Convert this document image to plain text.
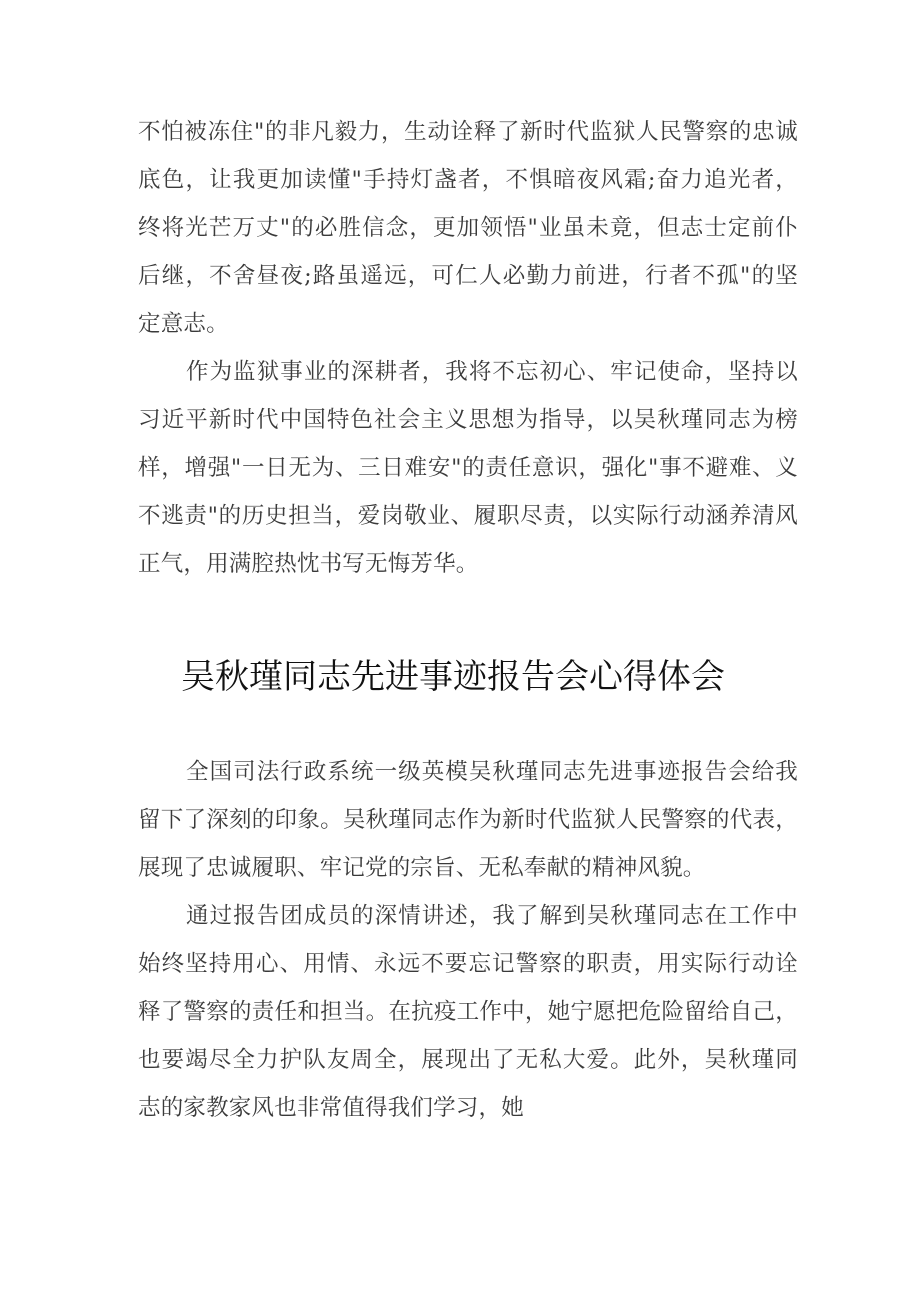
不怕被冻住"的非凡毅力，生动诠释了新时代监狱人民警察的忠诚
底色，让我更加读懂"手持灯盏者，不惧暗夜风霜;奋力追光者，
终将光芒万丈"的必胜信念，更加领悟"业虽未竟，但志士定前仆
后继，不舍昼夜;路虽遥远，可仁人必勤力前进，行者不孤"的坚
定意志。
作为监狱事业的深耕者，我将不忘初心、牢记使命，坚持以
习近平新时代中国特色社会主义思想为指导，以吴秋瑾同志为榜
样，增强"一日无为、三日难安"的责任意识，强化"事不避难、义
不逃责"的历史担当，爱岗敬业、履职尽责，以实际行动涵养清风
正气，用满腔热忱书写无悔芳华。
吴秋瑾同志先进事迹报告会心得体会
全国司法行政系统一级英模吴秋瑾同志先进事迹报告会给我
留下了深刻的印象。吴秋瑾同志作为新时代监狱人民警察的代表，
展现了忠诚履职、牢记党的宗旨、无私奉献的精神风貌。
通过报告团成员的深情讲述，我了解到吴秋瑾同志在工作中
始终坚持用心、用情、永远不要忘记警察的职责，用实际行动诠
释了警察的责任和担当。在抗疫工作中，她宁愿把危险留给自己，
也要竭尽全力护队友周全，展现出了无私大爱。此外，吴秋瑾同
志的家教家风也非常值得我们学习，她
